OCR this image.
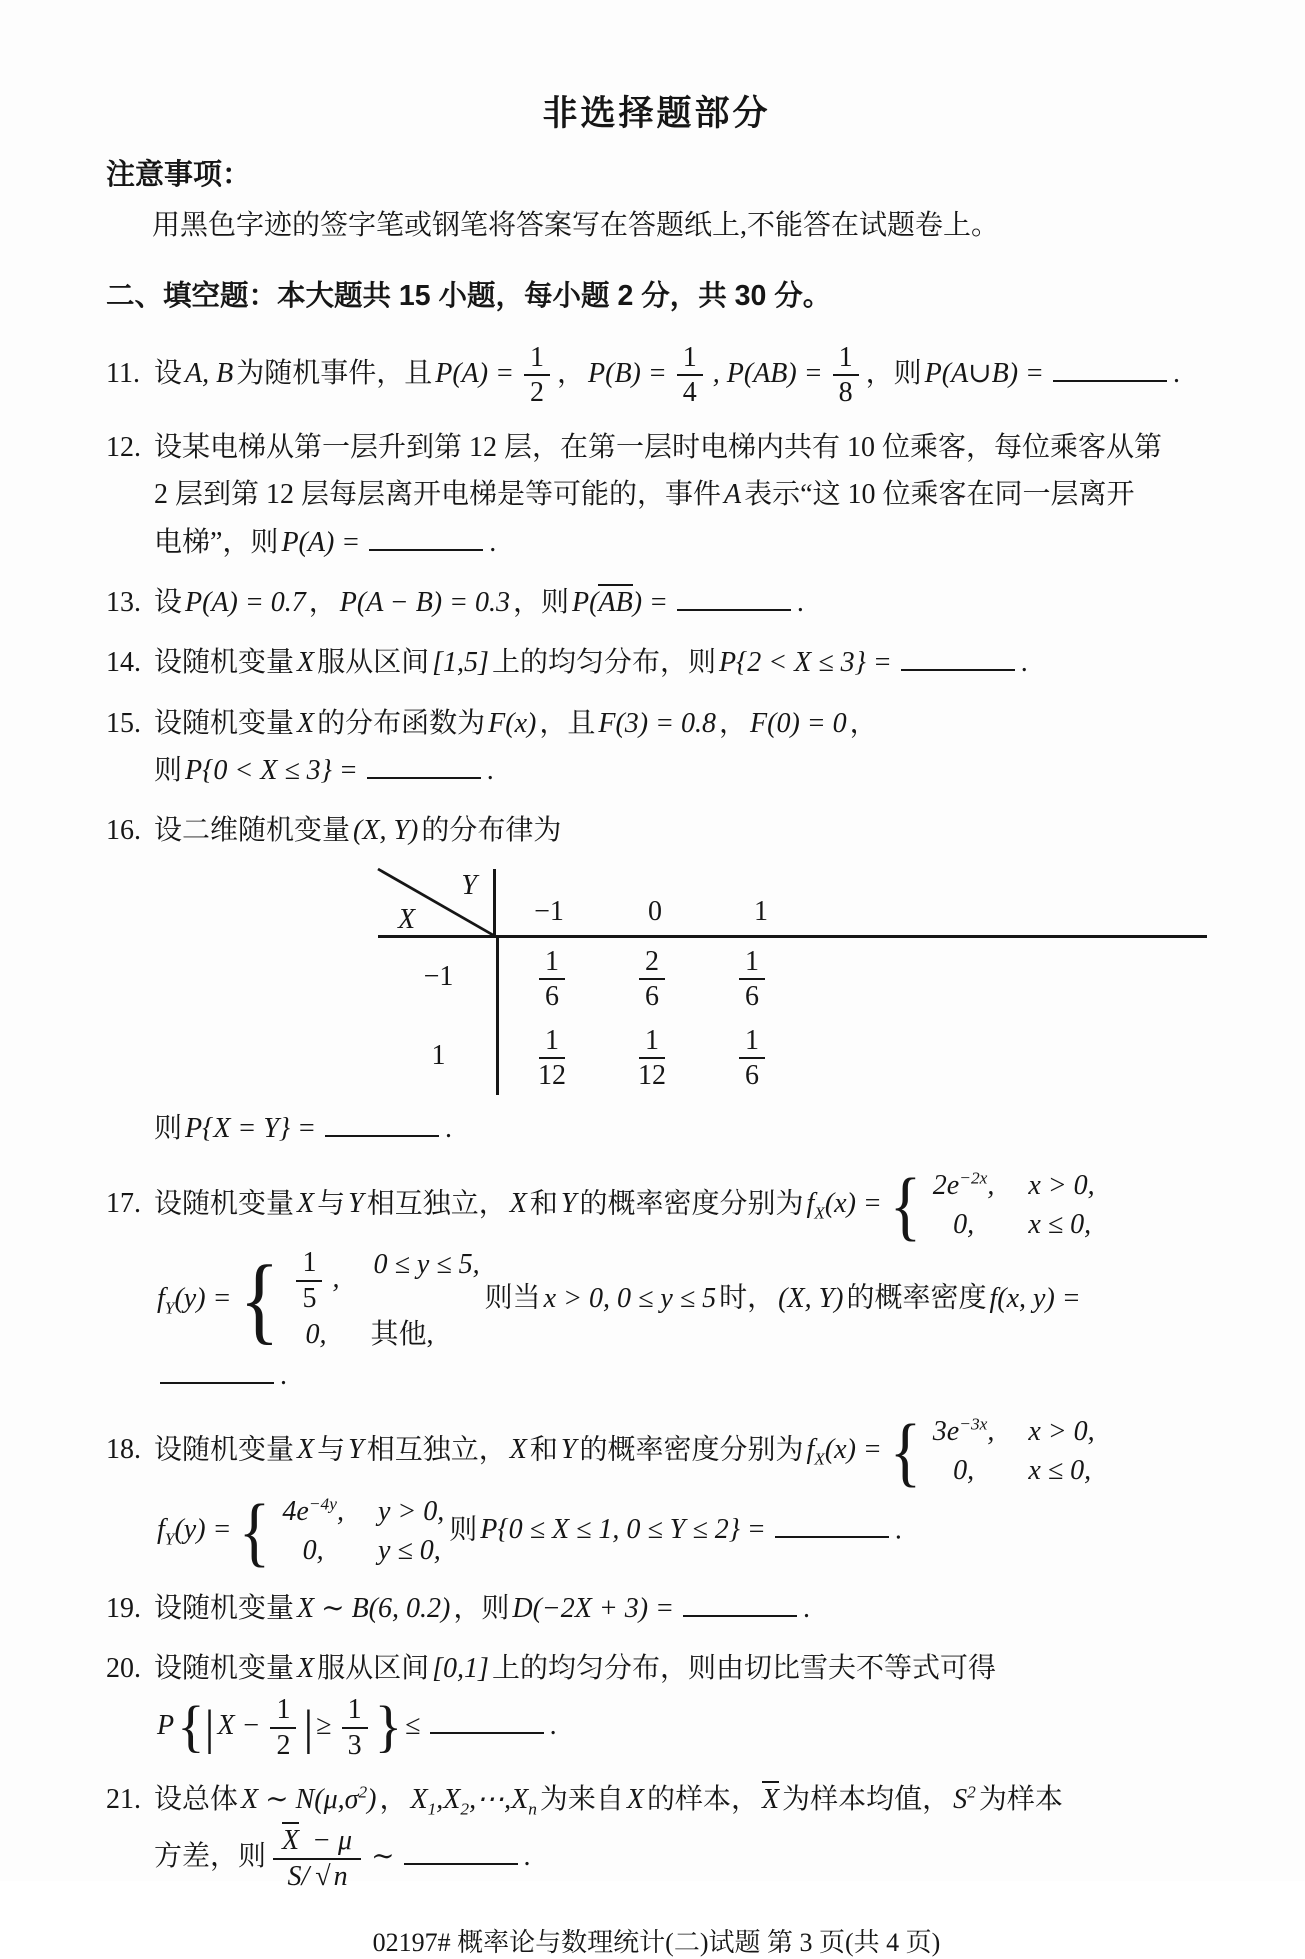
非选择题部分
注意事项：
用黑色字迹的签字笔或钢笔将答案写在答题纸上,不能答在试题卷上。
二、填空题：本大题共 15 小题，每小题 2 分，共 30 分。
11. 设 A, B 为随机事件，且 $P(A) = \frac{1}{2}$ ， $P(B) = \frac{1}{4}$ , $P(AB) = \frac{1}{8}$ ，则 P(A∪B) =	.
12. 设某电梯从第一层升到第 12 层，在第一层时电梯内共有 10 位乘客，每位乘客从第
2 层到第 12 层每层离开电梯是等可能的，事件 A 表示“这 10 位乘客在同一层离开
电梯”，则 P(A) =	.
13. 设 P(A) = 0.7 ， P(A − B) = 0.3 ，则 P(AB) =	.
14. 设随机变量 X 服从区间 [1,5] 上的均匀分布，则 P{2 < X ≤ 3} =	.
15. 设随机变量 X 的分布函数为 F(x) ，且 F(3) = 0.8 ， F(0) = 0 ，
则 P{0 < X ≤ 3} =	.
16. 设二维随机变量 (X, Y) 的分布律为
Y
X	−1	0	1
−1	$\frac{1}{6}$	$\frac{2}{6}$	$\frac{1}{6}$
1	$\frac{1}{12}$	$\frac{1}{12}$	$\frac{1}{6}$
则 P{X = Y} =	.
17. 设随机变量 X 与 Y 相互独立， X 和 Y 的概率密度分别为 $f_X(x)$ = { $2e^{-2x}$, x > 0,
0, x ≤ 0,
$f_Y(y)$ = { $\frac{1}{5}$ , 0 ≤ y ≤ 5,
0, 其他,
则当 x > 0, 0 ≤ y ≤ 5 时， (X, Y) 的概率密度 f(x, y) =.
18. 设随机变量 X 与 Y 相互独立， X 和 Y 的概率密度分别为 $f_X(x)$ = { $3e^{-3x}$, x > 0,
0, x ≤ 0,
$f_Y(y)$ = { $4e^{-4y}$, y > 0,
0, y ≤ 0,
则 P{0 ≤ X ≤ 1, 0 ≤ Y ≤ 2} =	.
19. 设随机变量 X ∼ B(6, 0.2) ，则 D(−2X + 3) =	.
20. 设随机变量 X 服从区间 [0,1] 上的均匀分布，则由切比雪夫不等式可得
P{| $X - \frac{1}{2}$ | ≥ $\frac{1}{3}$ } ≤	.
21. 设总体 X ∼ $N(\mu,\sigma^2)$ ， $X_1,X_2,\cdots,X_n$ 为来自 X 的样本， X 为样本均值， $S^2$ 为样本
方差，则 $\frac{X - \mu}{S/ √ n}$ ∼	.
02197# 概率论与数理统计(二)试题 第 3 页(共 4 页)
